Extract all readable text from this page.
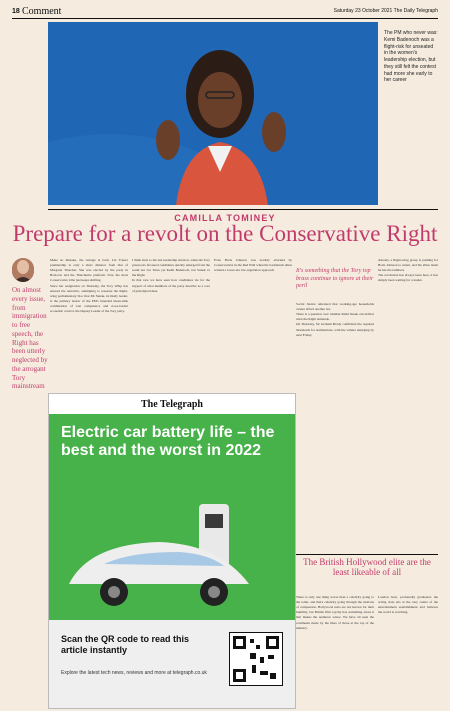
18 Comment	Saturday 23 October 2021 The Daily Telegraph
The PM who never was: Kemi Badenoch was a flight-risk for unseated in the women's leadership election, but they still felt the contest had more she early to her career
CAMILLA TOMINEY
Prepare for a revolt on the Conservative Right
On almost every issue, from immigration to free speech, the Right has been utterly neglected by the arrogant Tory mainstream

Make no mistake, the outrage is back. Liz Truss's premiership is only a short distance from that of Margaret Thatcher. She was elected by the party in Bolsover and the Thatcherite platform. Now the most Conservative tribe just keeps shifting.

Since her resignation on Thursday, the Tory Whip has entered the narrative, attempting to reassure the Right-wing parliamentary bloc that Mr Sunak, its likely leader, is the primary bearer of the PM's intended mean-time combination of vast competence and cross-border economic control, the Deputy Leader of the Tory party.

I think back to the last leadership election, when the Tory grassroots favoured candidates quickly emerged from the south not Liz Truss yet Kemi Badenoch, but Sunak vs the Right.

In that race we have seen how candidates vie for the support of what members of the party describe as a core of principled ideas.

Even Boris Johnson was notably attacked by Conservatives in the Red Wall when his backbench allies wanted a lower-tax low-regulation approach.	It's something that the Tory top brass continue to ignore at their peril

Social Justice reiterated that working-age households cannot afford another tax.

There is a question over whether Rishi Sunak can deliver what the Right demands.

On Thursday, Sir Graham Brady confirmed the required thresholds for nominations, with the winner emerging by next Friday.

Already, a Right-wing group is pushing for Boris Johnson to return, and his allies insist he has the numbers.

The revolution has always been here, it has simply been waiting for a leader.

The Telegraph
Electric car battery life – the best and the worst in 2022
Scan the QR code to read this article instantly
Explore the latest tech news, reviews and more at telegraph.co.uk
The British Hollywood elite are the least likeable of all

There is only one thing worse than a celebrity going to the toilet, and that's celebrity going through the motions of compassion. Hollywood stars are not known for their humility, but British film royalty has something about it that makes the audience wince. We have all seen the comments made by the likes of those at the top of the industry.

London born, profoundly graduated, the acting class sits at the very centre of the entertainment establishment and believes the world is watching.
